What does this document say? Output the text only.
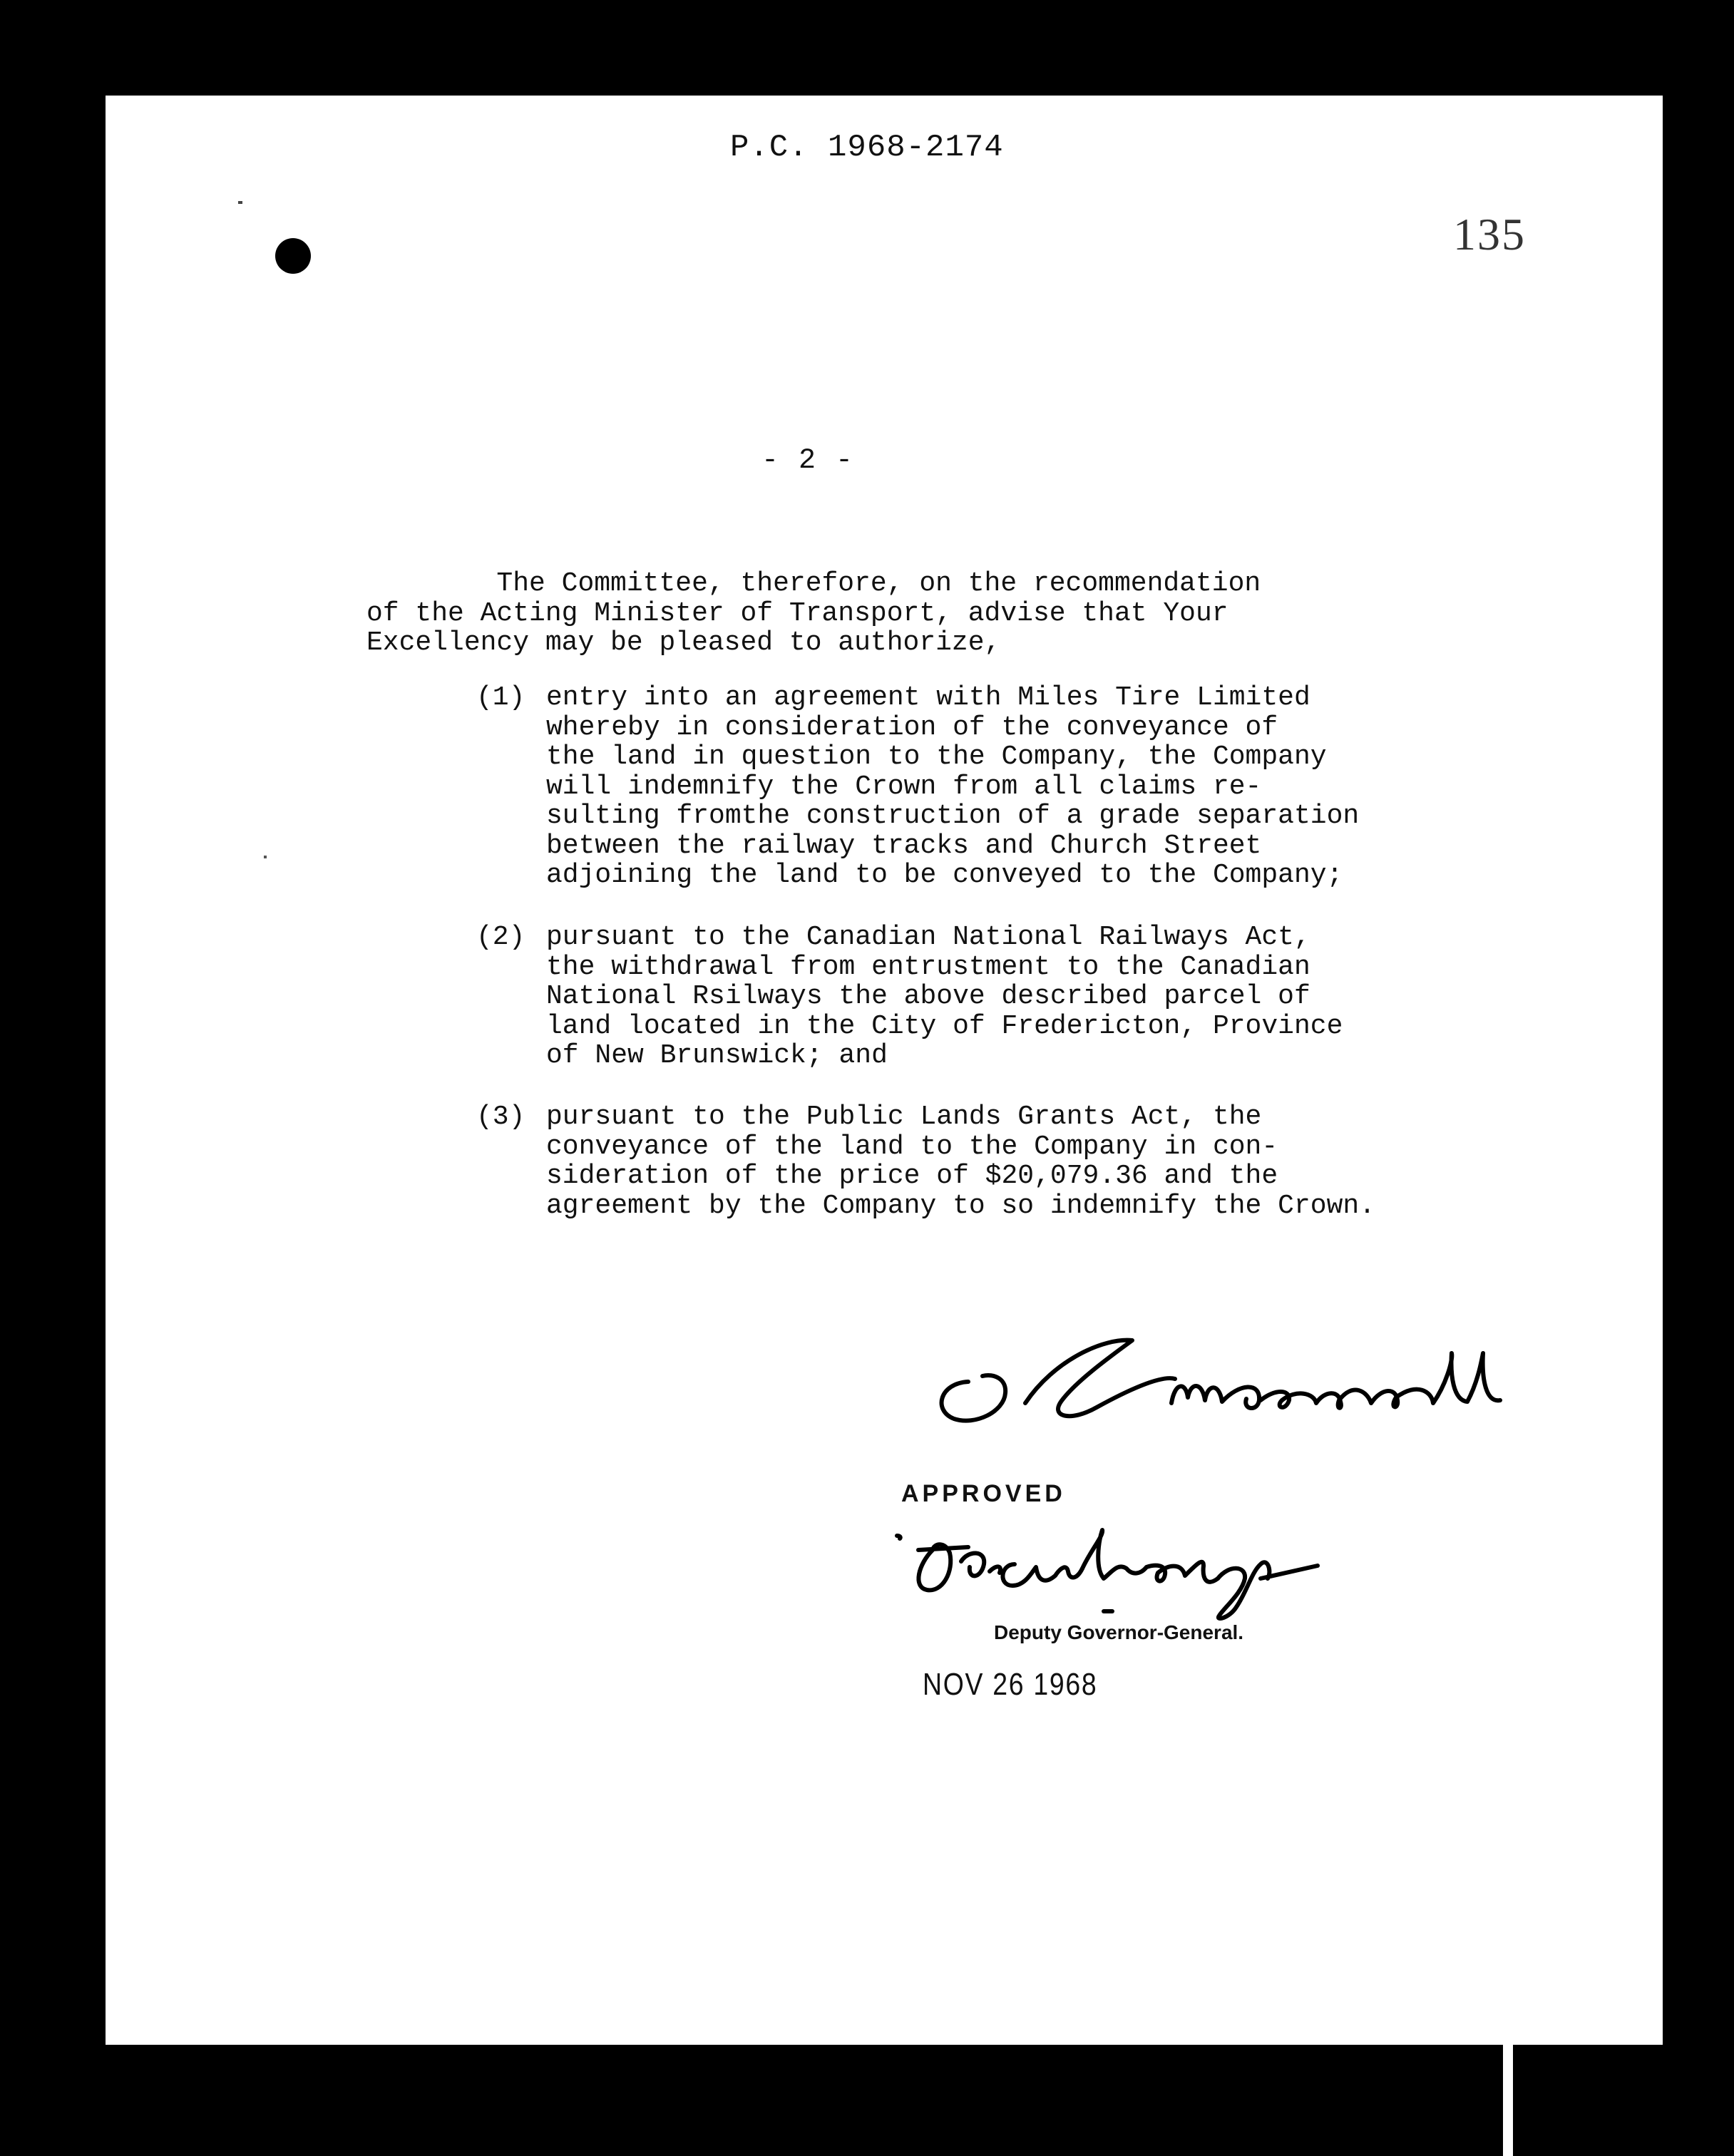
P.C. 1968-2174
135
- 2 -
The Committee, therefore, on the recommendation
of the Acting Minister of Transport, advise that Your
Excellency may be pleased to authorize,
(1) entry into an agreement with Miles Tire Limited
whereby in consideration of the conveyance of
the land in question to the Company, the Company
will indemnify the Crown from all claims re-
sulting fromthe construction of a grade separation
between the railway tracks and Church Street
adjoining the land to be conveyed to the Company;
(2) pursuant to the Canadian National Railways Act,
the withdrawal from entrustment to the Canadian
National Rsilways the above described parcel of
land located in the City of Fredericton, Province
of New Brunswick; and
(3) pursuant to the Public Lands Grants Act, the
conveyance of the land to the Company in con-
sideration of the price of $20,079.36 and the
agreement by the Company to so indemnify the Crown.
APPROVED
Deputy Governor-General.
NOV 26 1968
